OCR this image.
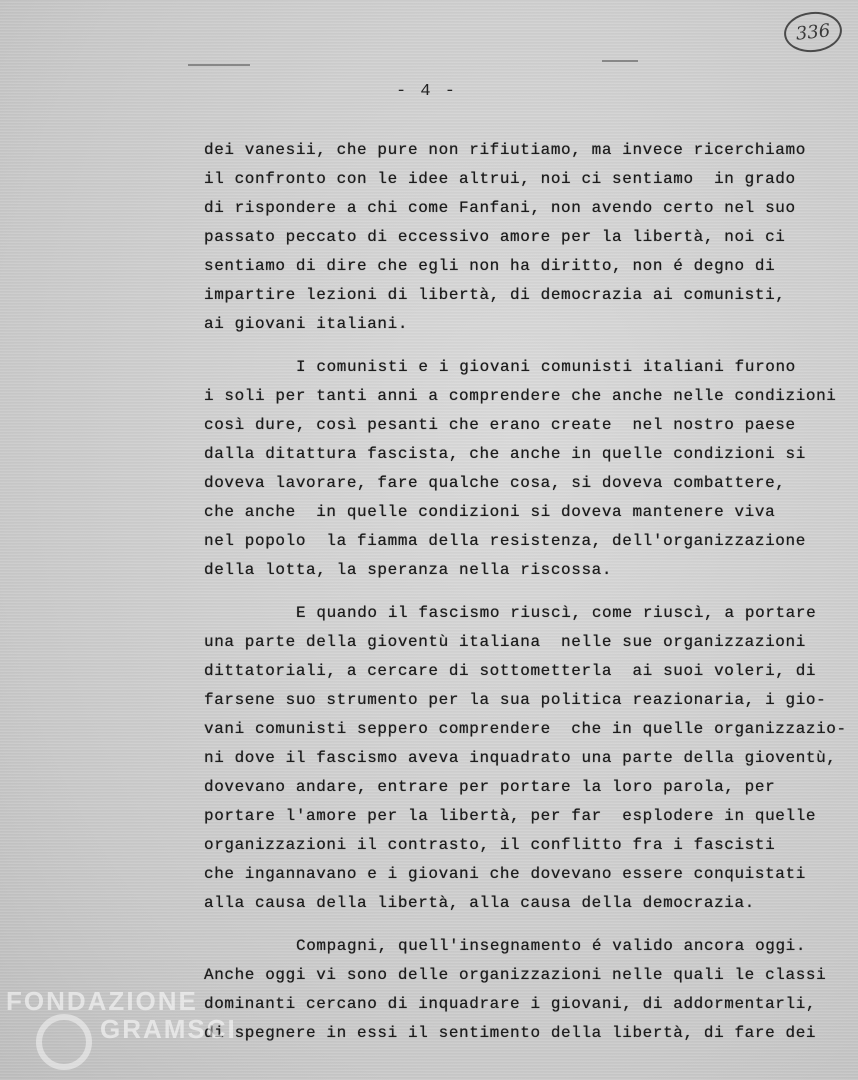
336
- 4 -
dei vanesii, che pure non rifiutiamo, ma invece ricerchiamo
il confronto con le idee altrui, noi ci sentiamo  in grado
di rispondere a chi come Fanfani, non avendo certo nel suo
passato peccato di eccessivo amore per la libertà, noi ci
sentiamo di dire che egli non ha diritto, non é degno di
impartire lezioni di libertà, di democrazia ai comunisti,
ai giovani italiani.
I comunisti e i giovani comunisti italiani furono
i soli per tanti anni a comprendere che anche nelle condizioni
così dure, così pesanti che erano create  nel nostro paese
dalla ditattura fascista, che anche in quelle condizioni si
doveva lavorare, fare qualche cosa, si doveva combattere,
che anche  in quelle condizioni si doveva mantenere viva
nel popolo  la fiamma della resistenza, dell'organizzazione
della lotta, la speranza nella riscossa.
E quando il fascismo riuscì, come riuscì, a portare
una parte della gioventù italiana  nelle sue organizzazioni
dittatoriali, a cercare di sottometterla  ai suoi voleri, di
farsene suo strumento per la sua politica reazionaria, i gio-
vani comunisti seppero comprendere  che in quelle organizzazio-
ni dove il fascismo aveva inquadrato una parte della gioventù,
dovevano andare, entrare per portare la loro parola, per
portare l'amore per la libertà, per far  esplodere in quelle
organizzazioni il contrasto, il conflitto fra i fascisti
che ingannavano e i giovani che dovevano essere conquistati
alla causa della libertà, alla causa della democrazia.
Compagni, quell'insegnamento é valido ancora oggi.
Anche oggi vi sono delle organizzazioni nelle quali le classi
dominanti cercano di inquadrare i giovani, di addormentarli,
di spegnere in essi il sentimento della libertà, di fare dei
FONDAZIONE
GRAMSCI
